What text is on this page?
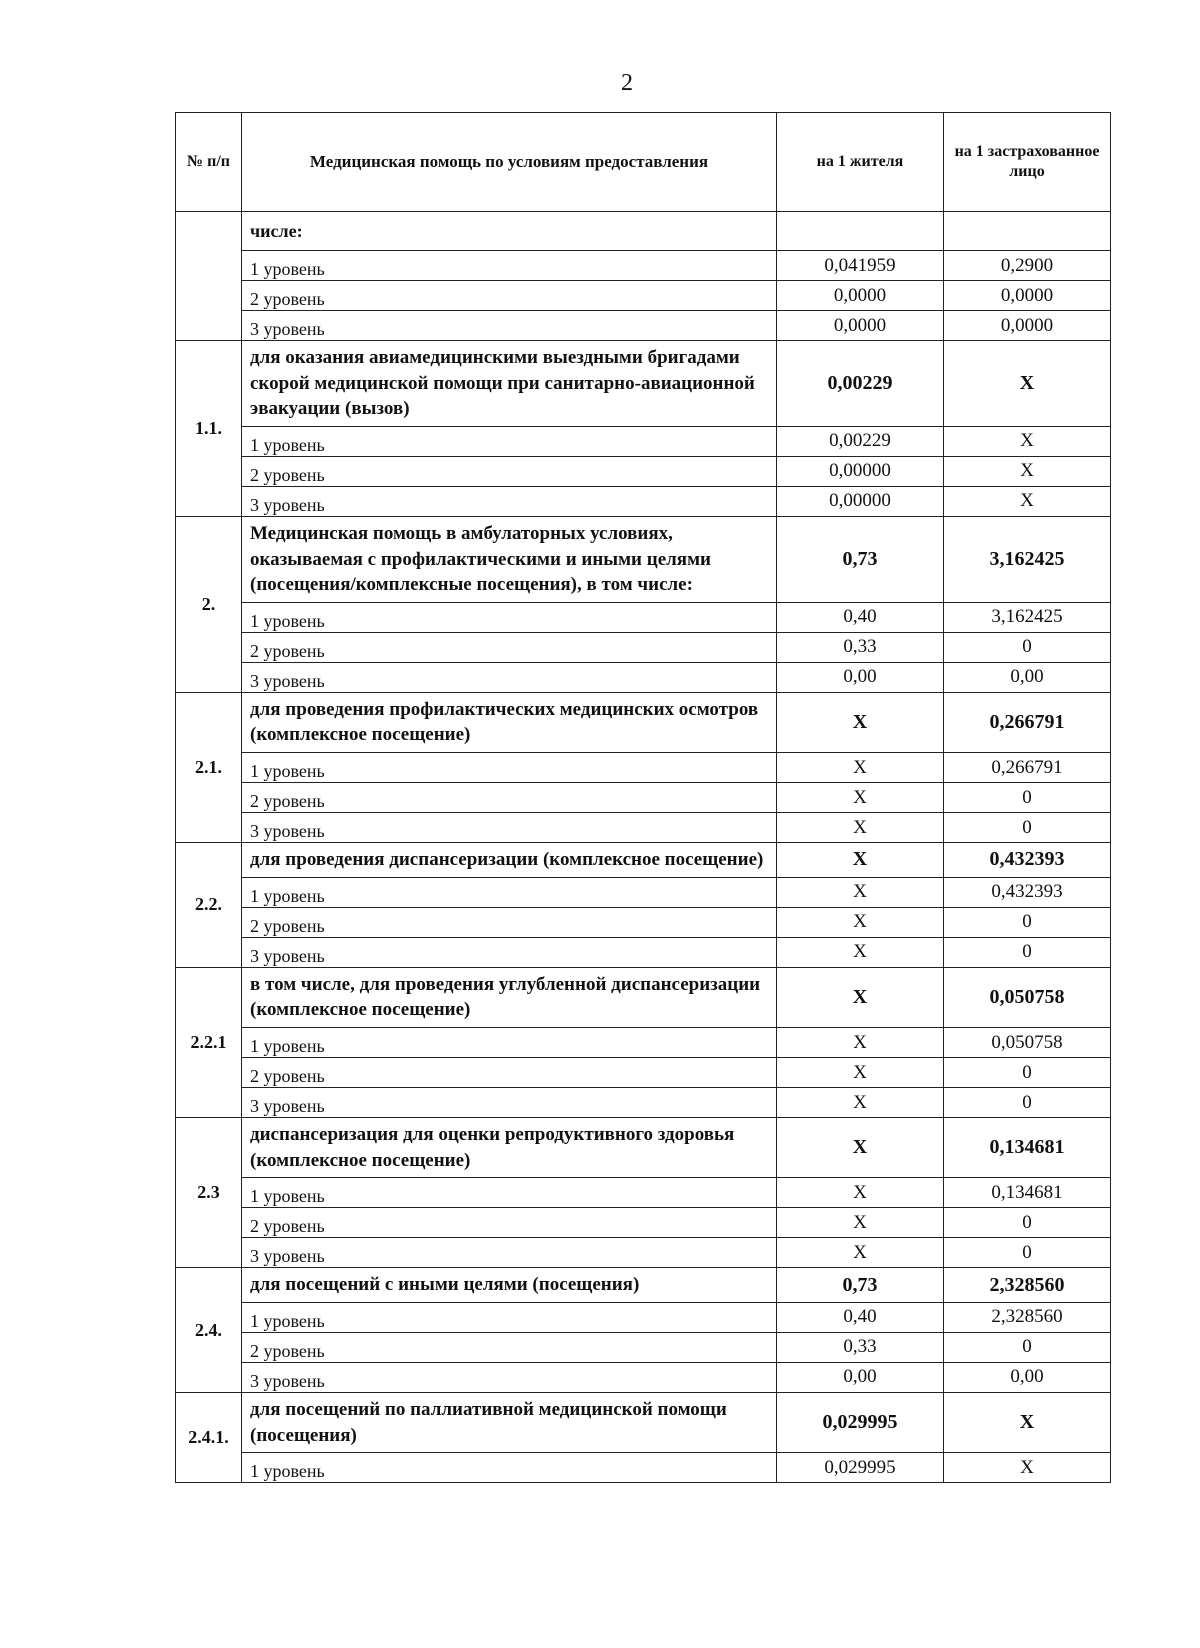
2
№ п/п	Медицинская помощь по условиям предоставления	на 1 жителя	на 1 застрахованное лицо
	числе:		
	1 уровень	0,041959	0,2900
	2 уровень	0,0000	0,0000
	3 уровень	0,0000	0,0000
1.1.	для оказания авиамедицинскими выездными бригадами скорой медицинской помощи при санитарно-авиационной эвакуации (вызов)	0,00229	X
	1 уровень	0,00229	X
	2 уровень	0,00000	X
	3 уровень	0,00000	X
2.	Медицинская помощь в амбулаторных условиях, оказываемая с профилактическими и иными целями (посещения/комплексные посещения), в том числе:	0,73	3,162425
	1 уровень	0,40	3,162425
	2 уровень	0,33	0
	3 уровень	0,00	0,00
2.1.	для проведения профилактических медицинских осмотров (комплексное посещение)	X	0,266791
	1 уровень	X	0,266791
	2 уровень	X	0
	3 уровень	X	0
2.2.	для проведения диспансеризации (комплексное посещение)	X	0,432393
	1 уровень	X	0,432393
	2 уровень	X	0
	3 уровень	X	0
2.2.1	в том числе, для проведения углубленной диспансеризации (комплексное посещение)	X	0,050758
	1 уровень	X	0,050758
	2 уровень	X	0
	3 уровень	X	0
2.3	диспансеризация для оценки репродуктивного здоровья (комплексное посещение)	X	0,134681
	1 уровень	X	0,134681
	2 уровень	X	0
	3 уровень	X	0
2.4.	для посещений с иными целями (посещения)	0,73	2,328560
	1 уровень	0,40	2,328560
	2 уровень	0,33	0
	3 уровень	0,00	0,00
2.4.1.	для посещений по паллиативной медицинской помощи (посещения)	0,029995	X
	1 уровень	0,029995	X
